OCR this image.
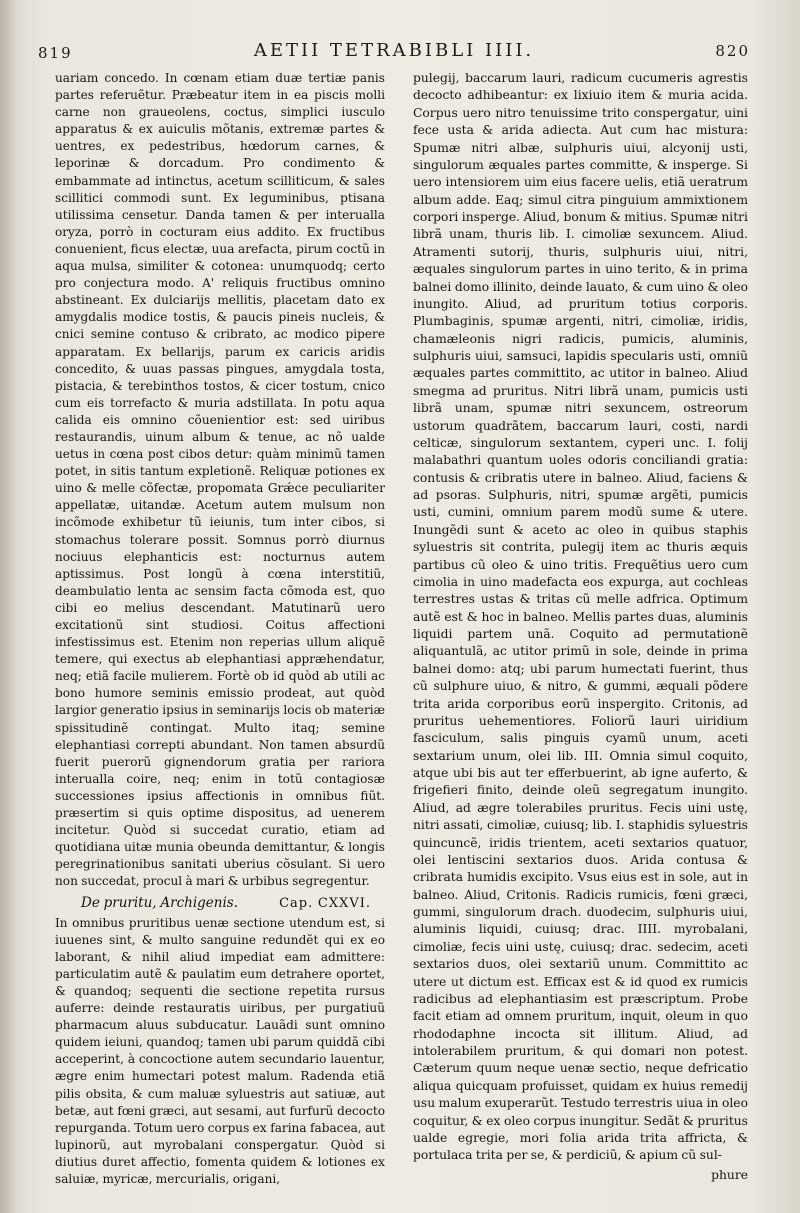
819	AETII TETRABIBLI IIII.	820

uariam concedo. In cœnam etiam duæ tertiæ panis partes referuẽtur. Præbeatur item in ea piscis molli carne non graueolens, coctus, simplici iusculo apparatus & ex auiculis mõtanis, extremæ partes & uentres, ex pedestribus, hœdorum carnes, & leporinæ & dorcadum. Pro condimento & embammate ad intinctus, acetum scilliticum, & sales scillitici commodi sunt. Ex leguminibus, ptisana utilissima censetur. Danda tamen & per interualla oryza, porrò in cocturam eius addito. Ex fructibus conuenient, ficus electæ, uua arefacta, pirum coctũ in aqua mulsa, similiter & cotonea: unumquodq; certo pro conjectura modo. A' reliquis fructibus omnino abstineant. Ex dulciarijs mellitis, placetam dato ex amygdalis modice tostis, & paucis pineis nucleis, & cnici semine contuso & cribrato, ac modico pipere apparatam. Ex bellarijs, parum ex caricis aridis concedito, & uuas passas pingues, amygdala tosta, pistacia, & terebinthos tostos, & cicer tostum, cnico cum eis torrefacto & muria adstillata. In potu aqua calida eis omnino cõuenientior est: sed uiribus restaurandis, uinum album & tenue, ac nõ ualde uetus in cœna post cibos detur: quàm minimũ tamen potet, in sitis tantum expletionẽ. Reliquæ potiones ex uino & melle cõfectæ, propomata Grǽce peculiariter appellatæ, uitandæ. Acetum autem mulsum non incõmode exhibetur tũ ieiunis, tum inter cibos, si stomachus tolerare possit. Somnus porrò diurnus nociuus elephanticis est: nocturnus autem aptissimus. Post longũ à cœna interstitiũ, deambulatio lenta ac sensim facta cõmoda est, quo cibi eo melius descendant. Matutinarũ uero excitationũ sint studiosi. Coitus affectioni infestissimus est. Etenim non reperias ullum aliquẽ temere, qui exectus ab elephantiasi appræhendatur, neq; etiã facile mulierem. Fortè ob id quòd ab utili ac bono humore seminis emissio prodeat, aut quòd largior generatio ipsius in seminarijs locis ob materiæ spissitudinẽ contingat. Multo itaq; semine elephantiasi correpti abundant. Non tamen absurdũ fuerit puerorũ gignendorum gratia per rariora interualla coire, neq; enim in totũ contagiosæ successiones ipsius affectionis in omnibus fiũt. præsertim si quis optime dispositus, ad uenerem incitetur. Quòd si succedat curatio, etiam ad quotidiana uitæ munia obeunda demittantur, & longis peregrinationibus sanitati uberius cõsulant. Si uero non succedat, procul à mari & urbibus segregentur.

De pruritu, Archigenis.	Cap. CXXVI.

In omnibus pruritibus uenæ sectione utendum est, si iuuenes sint, & multo sanguine redundẽt qui ex eo laborant, & nihil aliud impediat eam admittere: particulatim autẽ & paulatim eum detrahere oportet, & quandoq; sequenti die sectione repetita rursus auferre: deinde restauratis uiribus, per purgatiuũ pharmacum aluus subducatur. Lauãdi sunt omnino quidem ieiuni, quandoq; tamen ubi parum quiddã cibi acceperint, à concoctione autem secundario lauentur, ægre enim humectari potest malum. Radenda etiã pilis obsita, & cum maluæ syluestris aut satiuæ, aut betæ, aut fœni græci, aut sesami, aut furfurũ decocto repurganda. Totum uero corpus ex farina fabacea, aut lupinorũ, aut myrobalani conspergatur. Quòd si diutius duret affectio, fomenta quidem & lotiones ex saluiæ, myricæ, mercurialis, origani,

pulegij, baccarum lauri, radicum cucumeris agrestis decocto adhibeantur: ex lixiuio item & muria acida. Corpus uero nitro tenuissime trito conspergatur, uini fece usta & arida adiecta. Aut cum hac mistura: Spumæ nitri albæ, sulphuris uiui, alcyonij usti, singulorum æquales partes committe, & insperge. Si uero intensiorem uim eius facere uelis, etiã ueratrum album adde. Eaq; simul citra pinguium ammixtionem corpori insperge. Aliud, bonum & mitius. Spumæ nitri librã unam, thuris lib. I. cimoliæ sexuncem. Aliud. Atramenti sutorij, thuris, sulphuris uiui, nitri, æquales singulorum partes in uino terito, & in prima balnei domo illinito, deinde lauato, & cum uino & oleo inungito. Aliud, ad pruritum totius corporis. Plumbaginis, spumæ argenti, nitri, cimoliæ, iridis, chamæleonis nigri radicis, pumicis, aluminis, sulphuris uiui, samsuci, lapidis specularis usti, omniũ æquales partes committito, ac utitor in balneo. Aliud smegma ad pruritus. Nitri librã unam, pumicis usti librã unam, spumæ nitri sexuncem, ostreorum ustorum quadrãtem, baccarum lauri, costi, nardi celticæ, singulorum sextantem, cyperi unc. I. folij malabathri quantum uoles odoris conciliandi gratia: contusis & cribratis utere in balneo. Aliud, faciens & ad psoras. Sulphuris, nitri, spumæ argẽti, pumicis usti, cumini, omnium parem modũ sume & utere. Inungẽdi sunt & aceto ac oleo in quibus staphis syluestris sit contrita, pulegij item ac thuris æquis partibus cũ oleo & uino tritis. Frequẽtius uero cum cimolia in uino madefacta eos expurga, aut cochleas terrestres ustas & tritas cũ melle adfrica. Optimum autẽ est & hoc in balneo. Mellis partes duas, aluminis liquidi partem unã. Coquito ad permutationẽ aliquantulã, ac utitor primũ in sole, deinde in prima balnei domo: atq; ubi parum humectati fuerint, thus cũ sulphure uiuo, & nitro, & gummi, æquali põdere trita arida corporibus eorũ inspergito. Critonis, ad pruritus uehementiores. Foliorũ lauri uiridium fasciculum, salis pinguis cyamũ unum, aceti sextarium unum, olei lib. III. Omnia simul coquito, atque ubi bis aut ter efferbuerint, ab igne auferto, & frigefieri finito, deinde oleũ segregatum inungito. Aliud, ad ægre tolerabiles pruritus. Fecis uini ustę, nitri assati, cimoliæ, cuiusq; lib. I. staphidis syluestris quincuncẽ, iridis trientem, aceti sextarios quatuor, olei lentiscini sextarios duos. Arida contusa & cribrata humidis excipito. Vsus eius est in sole, aut in balneo. Aliud, Critonis. Radicis rumicis, fœni græci, gummi, singulorum drach. duodecim, sulphuris uiui, aluminis liquidi, cuiusq; drac. IIII. myrobalani, cimoliæ, fecis uini ustę, cuiusq; drac. sedecim, aceti sextarios duos, olei sextariũ unum. Committito ac utere ut dictum est. Efficax est & id quod ex rumicis radicibus ad elephantiasim est præscriptum. Probe facit etiam ad omnem pruritum, inquit, oleum in quo rhododaphne incocta sit illitum. Aliud, ad intolerabilem pruritum, & qui domari non potest. Cæterum quum neque uenæ sectio, neque defricatio aliqua quicquam profuisset, quidam ex huius remedij usu malum exuperarũt. Testudo terrestris uiua in oleo coquitur, & ex oleo corpus inungitur. Sedãt & pruritus ualde egregie, mori folia arida trita affricta, & portulaca trita per se, & perdiciũ, & apium cũ sul-

phure
